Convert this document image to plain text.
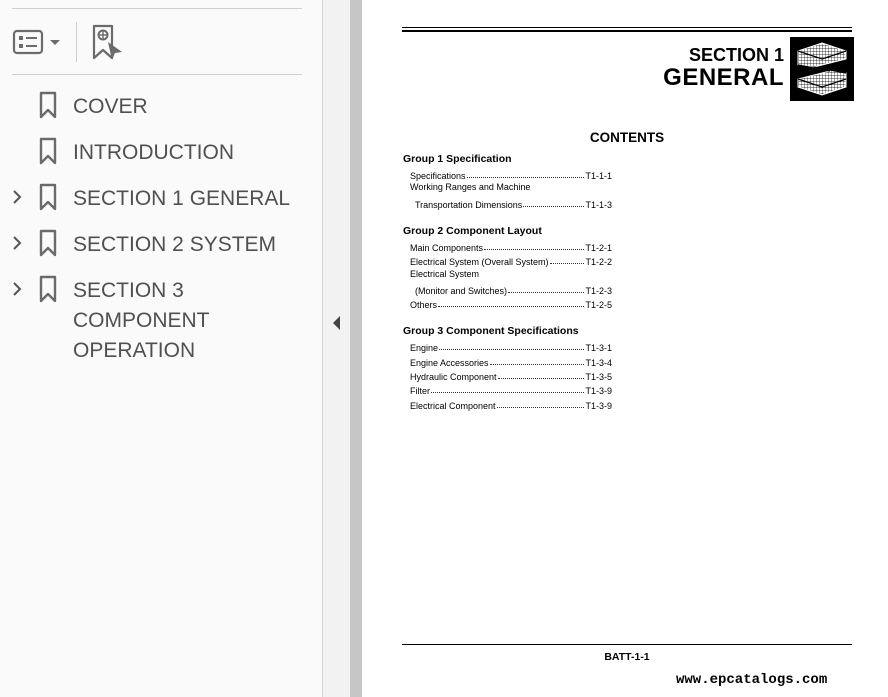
COVER
INTRODUCTION
SECTION 1 GENERAL
SECTION 2 SYSTEM
SECTION 3
COMPONENT
OPERATION
SECTION 1
GENERAL
CONTENTS
Group 1 Specification
Specifications	T1-1-1
Working Ranges and Machine
Transportation Dimensions	T1-1-3
Group 2 Component Layout
Main Components	T1-2-1
Electrical System (Overall System)	T1-2-2
Electrical System
(Monitor and Switches)	T1-2-3
Others	T1-2-5
Group 3 Component Specifications
Engine	T1-3-1
Engine Accessories	T1-3-4
Hydraulic Component	T1-3-5
Filter	T1-3-9
Electrical Component	T1-3-9
BATT-1-1
www.epcatalogs.com
